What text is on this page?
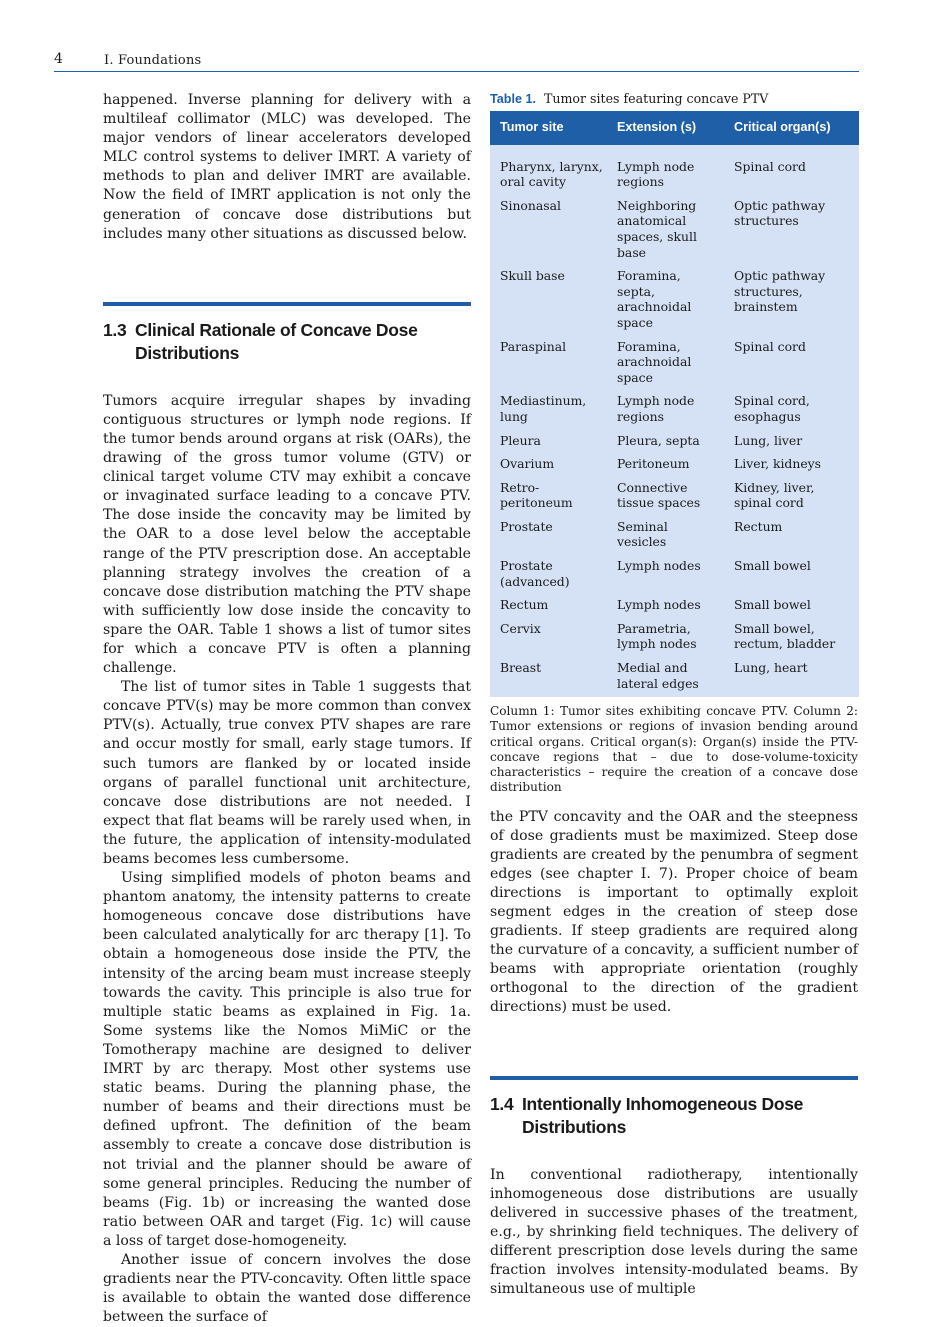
4	I. Foundations

happened. Inverse planning for delivery with a multileaf collimator (MLC) was developed. The major vendors of linear accelerators developed MLC control systems to deliver IMRT. A variety of methods to plan and deliver IMRT are available. Now the field of IMRT application is not only the generation of concave dose distributions but includes many other situations as discussed below.

1.3 Clinical Rationale of Concave Dose Distributions

Tumors acquire irregular shapes by invading contiguous structures or lymph node regions. If the tumor bends around organs at risk (OARs), the drawing of the gross tumor volume (GTV) or clinical target volume CTV may exhibit a concave or invaginated surface leading to a concave PTV. The dose inside the concavity may be limited by the OAR to a dose level below the acceptable range of the PTV prescription dose. An acceptable planning strategy involves the creation of a concave dose distribution matching the PTV shape with sufficiently low dose inside the concavity to spare the OAR. Table 1 shows a list of tumor sites for which a concave PTV is often a planning challenge.

The list of tumor sites in Table 1 suggests that concave PTV(s) may be more common than convex PTV(s). Actually, true convex PTV shapes are rare and occur mostly for small, early stage tumors. If such tumors are flanked by or located inside organs of parallel functional unit architecture, concave dose distributions are not needed. I expect that flat beams will be rarely used when, in the future, the application of intensity-modulated beams becomes less cumbersome.

Using simplified models of photon beams and phantom anatomy, the intensity patterns to create homogeneous concave dose distributions have been calculated analytically for arc therapy [1]. To obtain a homogeneous dose inside the PTV, the intensity of the arcing beam must increase steeply towards the cavity. This principle is also true for multiple static beams as explained in Fig. 1a. Some systems like the Nomos MiMiC or the Tomotherapy machine are designed to deliver IMRT by arc therapy. Most other systems use static beams. During the planning phase, the number of beams and their directions must be defined upfront. The definition of the beam assembly to create a concave dose distribution is not trivial and the planner should be aware of some general principles. Reducing the number of beams (Fig. 1b) or increasing the wanted dose ratio between OAR and target (Fig. 1c) will cause a loss of target dose-homogeneity.

Another issue of concern involves the dose gradients near the PTV-concavity. Often little space is available to obtain the wanted dose difference between the surface of

Table 1. Tumor sites featuring concave PTV
Tumor site	Extension (s)	Critical organ(s)
Pharynx, larynx, oral cavity	Lymph node regions	Spinal cord
Sinonasal	Neighboring anatomical spaces, skull base	Optic pathway structures
Skull base	Foramina, septa, arachnoidal space	Optic pathway structures, brainstem
Paraspinal	Foramina, arachnoidal space	Spinal cord
Mediastinum, lung	Lymph node regions	Spinal cord, esophagus
Pleura	Pleura, septa	Lung, liver
Ovarium	Peritoneum	Liver, kidneys
Retro-peritoneum	Connective tissue spaces	Kidney, liver, spinal cord
Prostate	Seminal vesicles	Rectum
Prostate (advanced)	Lymph nodes	Small bowel
Rectum	Lymph nodes	Small bowel
Cervix	Parametria, lymph nodes	Small bowel, rectum, bladder
Breast	Medial and lateral edges	Lung, heart

Column 1: Tumor sites exhibiting concave PTV. Column 2: Tumor extensions or regions of invasion bending around critical organs. Critical organ(s): Organ(s) inside the PTV-concave regions that – due to dose-volume-toxicity characteristics – require the creation of a concave dose distribution

the PTV concavity and the OAR and the steepness of dose gradients must be maximized. Steep dose gradients are created by the penumbra of segment edges (see chapter I. 7). Proper choice of beam directions is important to optimally exploit segment edges in the creation of steep dose gradients. If steep gradients are required along the curvature of a concavity, a sufficient number of beams with appropriate orientation (roughly orthogonal to the direction of the gradient directions) must be used.

1.4 Intentionally Inhomogeneous Dose Distributions

In conventional radiotherapy, intentionally inhomogeneous dose distributions are usually delivered in successive phases of the treatment, e.g., by shrinking field techniques. The delivery of different prescription dose levels during the same fraction involves intensity-modulated beams. By simultaneous use of multiple
